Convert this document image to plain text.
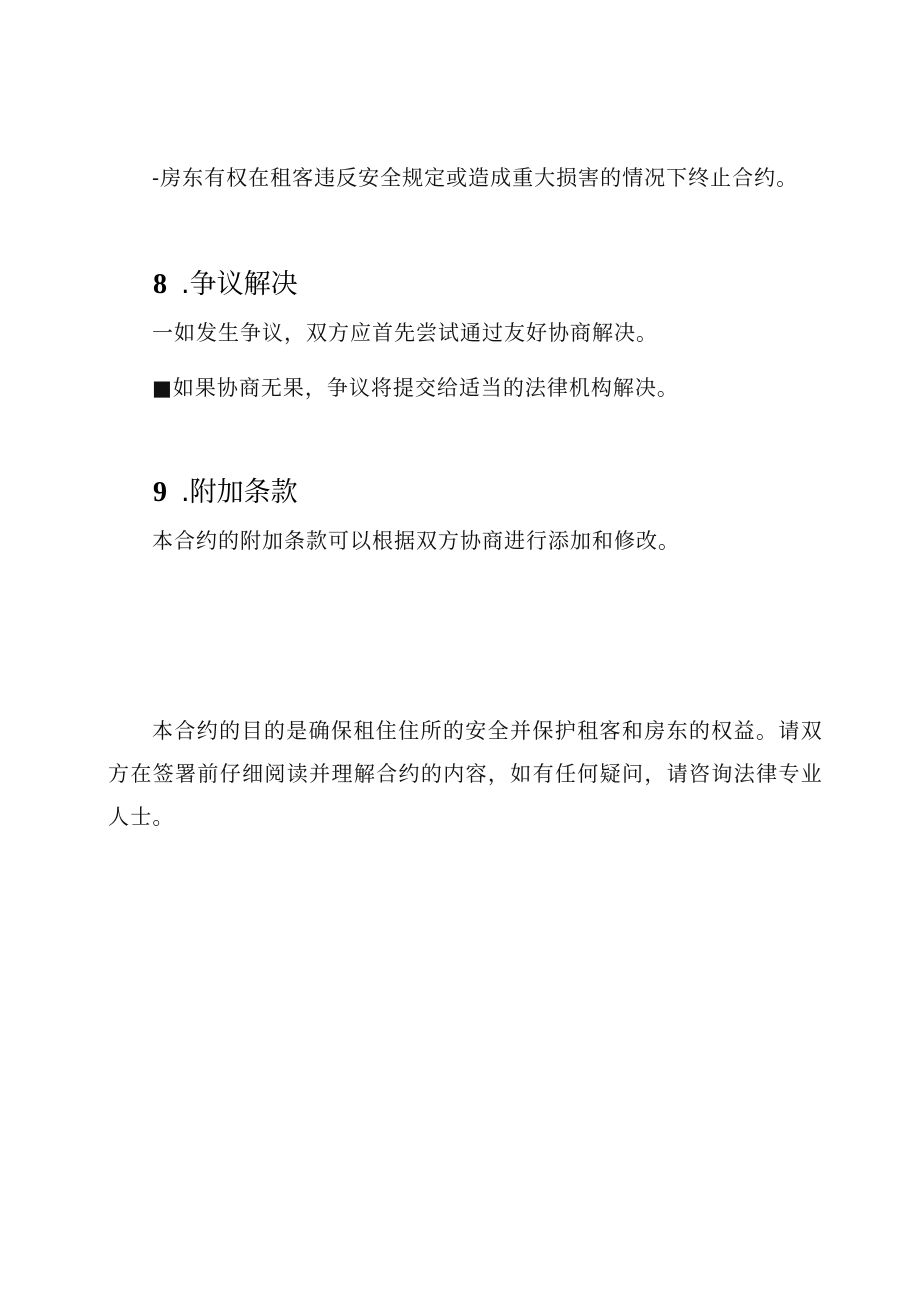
-房东有权在租客违反安全规定或造成重大损害的情况下终止合约。
8 .争议解决
一如发生争议，双方应首先尝试通过友好协商解决。
■如果协商无果，争议将提交给适当的法律机构解决。
9 .附加条款
本合约的附加条款可以根据双方协商进行添加和修改。

本合约的目的是确保租住住所的安全并保护租客和房东的权益。请双方在签署前仔细阅读并理解合约的内容，如有任何疑问，请咨询法律专业人士。
